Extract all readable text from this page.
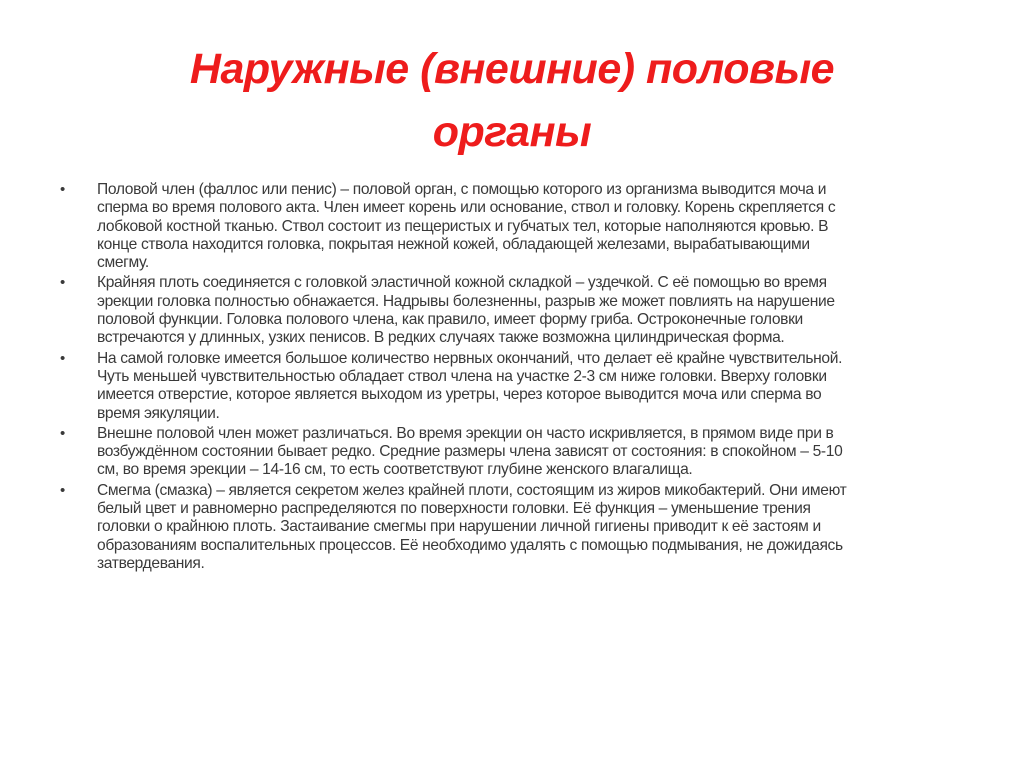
Наружные (внешние) половые
органы
• Половой член (фаллос или пенис) – половой орган, с помощью которого из организма выводится моча и
сперма во время полового акта. Член имеет корень или основание, ствол и головку. Корень скрепляется с
лобковой костной тканью. Ствол состоит из пещеристых и губчатых тел, которые наполняются кровью. В
конце ствола находится головка, покрытая нежной кожей, обладающей железами, вырабатывающими
смегму.
• Крайняя плоть соединяется с головкой эластичной кожной складкой – уздечкой. С её помощью во время
эрекции головка полностью обнажается. Надрывы болезненны, разрыв же может повлиять на нарушение
половой функции. Головка полового члена, как правило, имеет форму гриба. Остроконечные головки
встречаются у длинных, узких пенисов. В редких случаях также возможна цилиндрическая форма.
• На самой головке имеется большое количество нервных окончаний, что делает её крайне чувствительной.
Чуть меньшей чувствительностью обладает ствол члена на участке 2-3 см ниже головки. Вверху головки
имеется отверстие, которое является выходом из уретры, через которое выводится моча или сперма во
время эякуляции.
• Внешне половой член может различаться. Во время эрекции он часто искривляется, в прямом виде при в
возбуждённом состоянии бывает редко. Средние размеры члена зависят от состояния: в спокойном – 5-10
см, во время эрекции – 14-16 см, то есть соответствуют глубине женского влагалища.
• Смегма (смазка) – является секретом желез крайней плоти, состоящим из жиров микобактерий. Они имеют
белый цвет и равномерно распределяются по поверхности головки. Её функция – уменьшение трения
головки о крайнюю плоть. Застаивание смегмы при нарушении личной гигиены приводит к её застоям и
образованиям воспалительных процессов. Её необходимо удалять с помощью подмывания, не дожидаясь
затвердевания.
